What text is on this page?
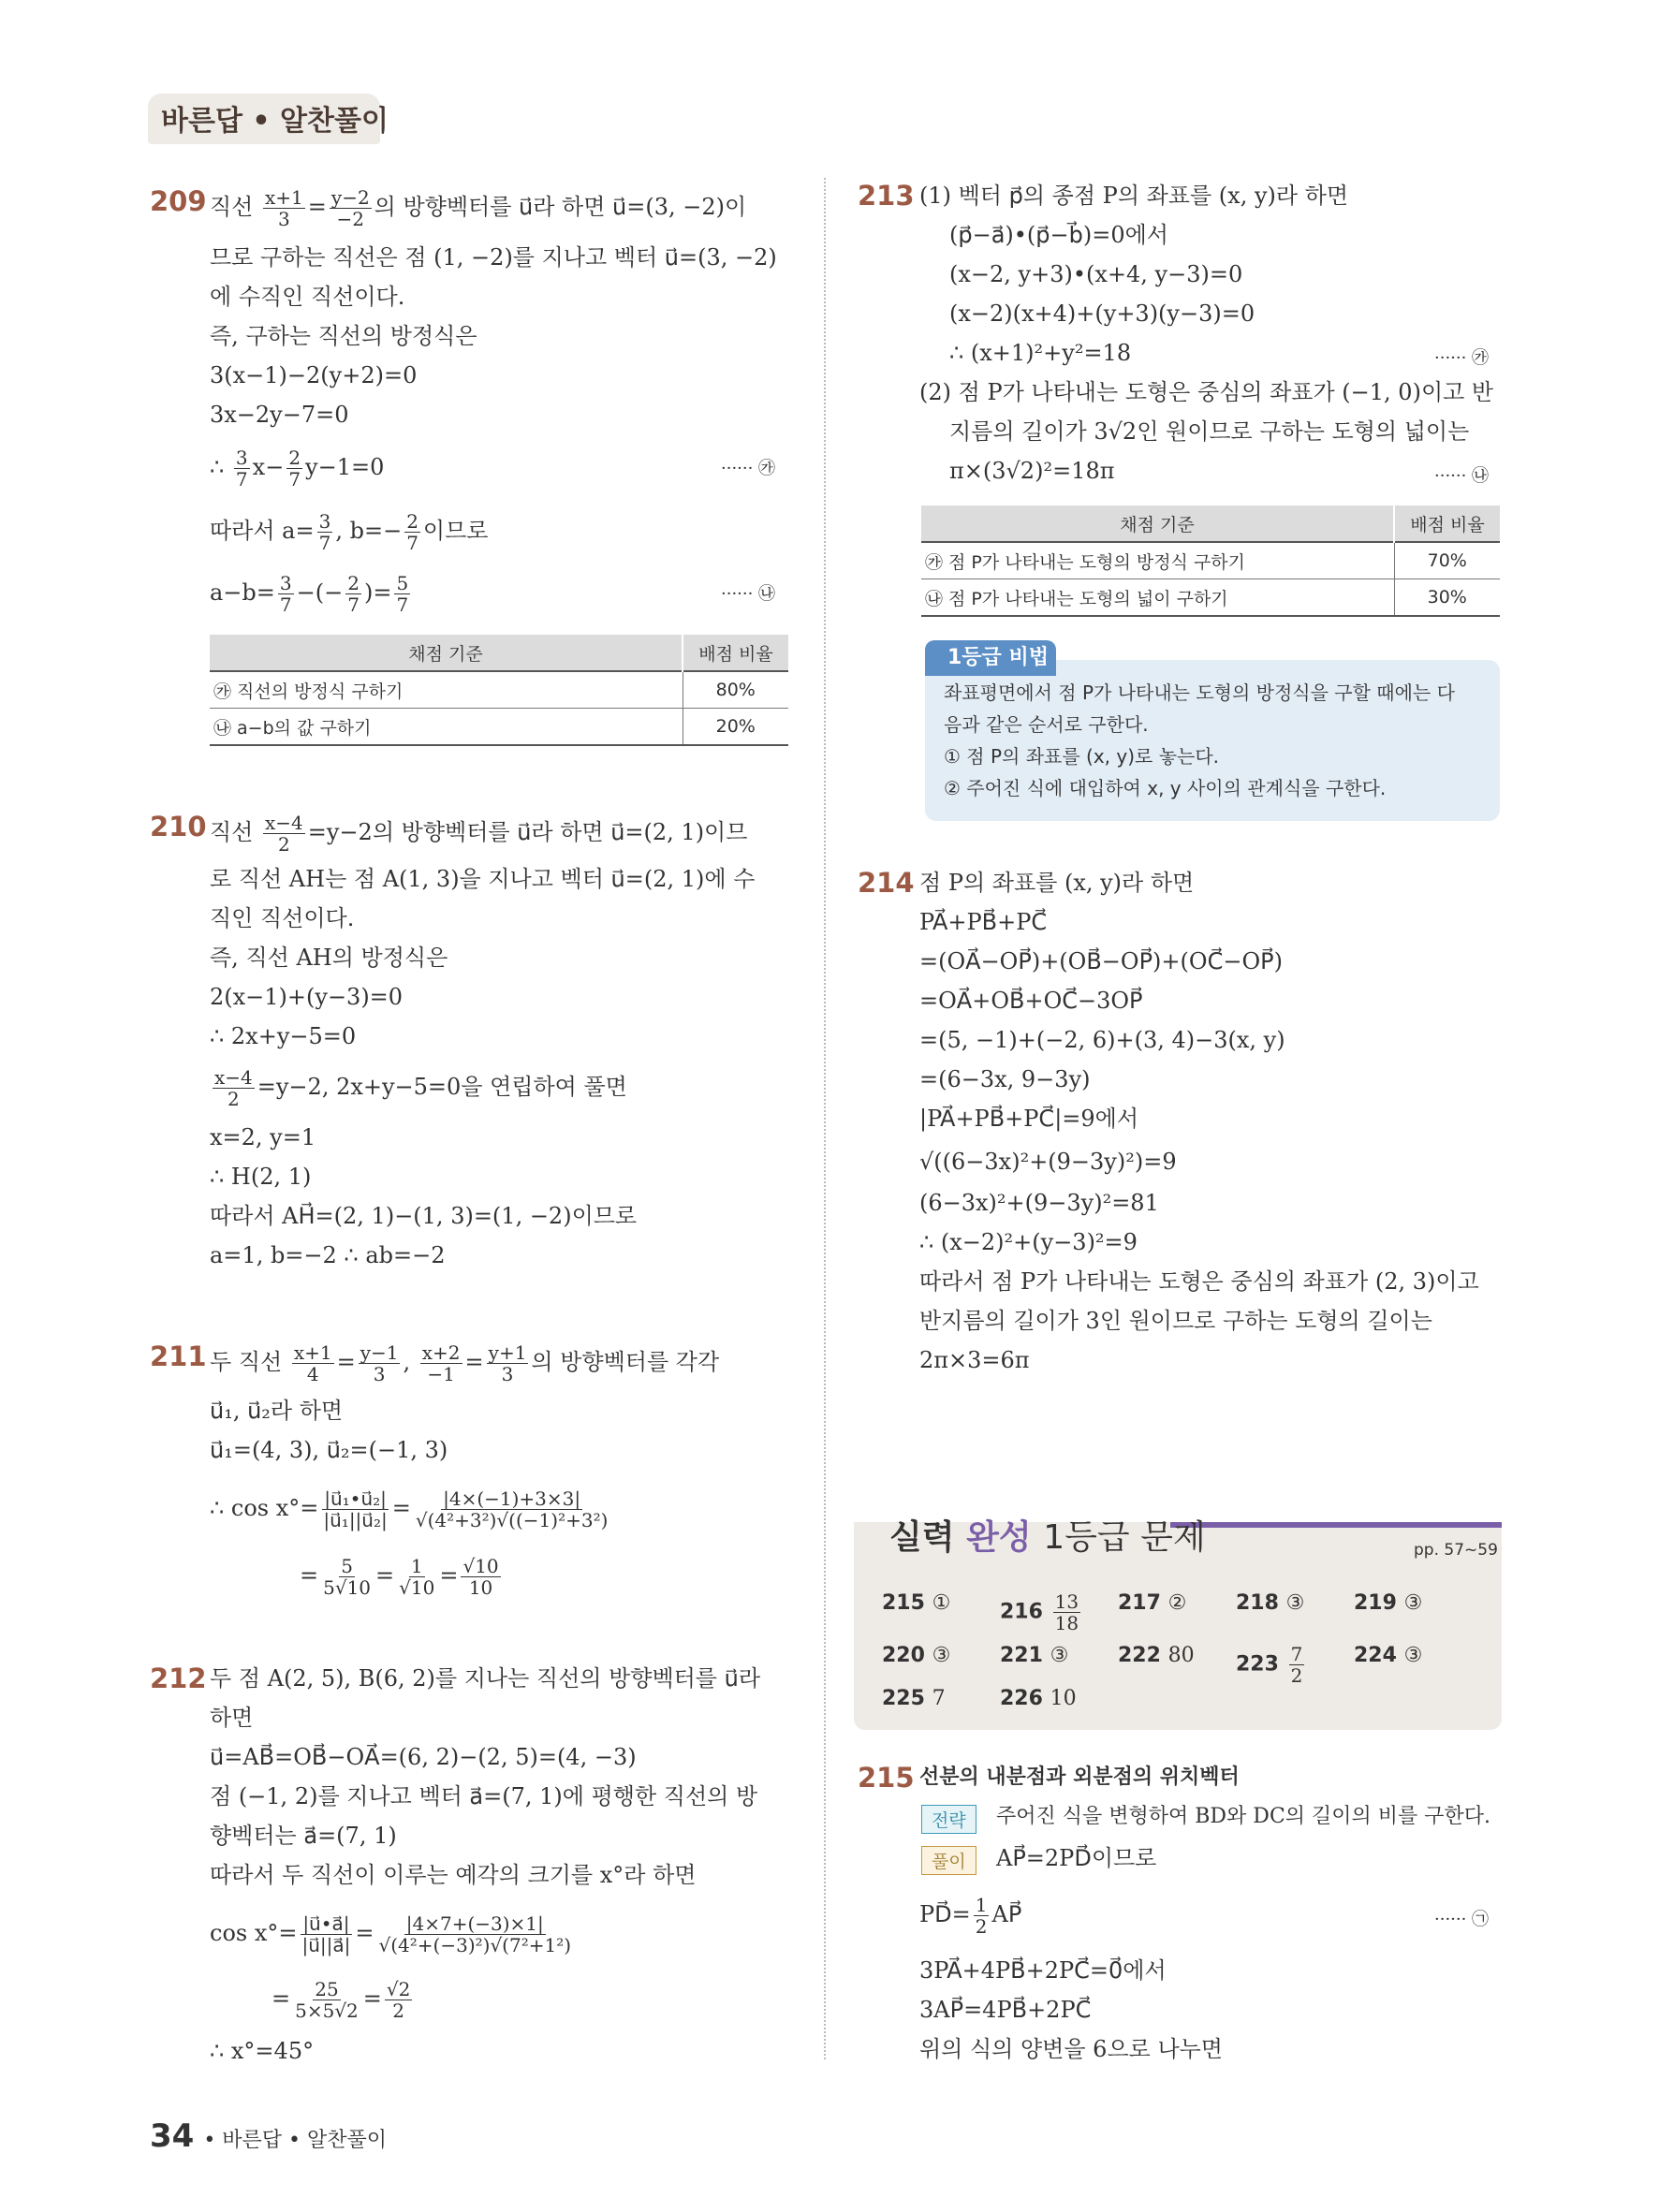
바른답 • 알찬풀이
209 직선 $\frac{x+1}{3} = \frac{y-2}{-2}$ 의 방향벡터를 u⃗라 하면 u⃗=(3, −2)이
므로 구하는 직선은 점 (1, −2)를 지나고 벡터 u⃗=(3, −2)
에 수직인 직선이다.
즉, 구하는 직선의 방정식은
3(x−1)−2(y+2)=0
3x−2y−7=0
∴ $\frac{3}{7} x- \frac{2}{7} y-1=0$	······ ㉮
따라서 $a= \frac{3}{7}$ , $b=- \frac{2}{7}$ 이므로
$a-b= \frac{3}{7}$ −(− $\frac{2}{7}$ )= $\frac{5}{7}$	······ ㉯
채점 기준	배점 비율
㉮ 직선의 방정식 구하기	80%
㉯ a−b의 값 구하기	20%
210 직선 $\frac{x-4}{2} =y-2$의 방향벡터를 u⃗라 하면 u⃗=(2, 1)이므
로 직선 AH는 점 A(1, 3)을 지나고 벡터 u⃗=(2, 1)에 수
직인 직선이다.
즉, 직선 AH의 방정식은
2(x−1)+(y−3)=0
∴ 2x+y−5=0
$\frac{x-4}{2} =y-2$, 2x+y−5=0을 연립하여 풀면
x=2, y=1
∴ H(2, 1)
따라서 AH⃗=(2, 1)−(1, 3)=(1, −2)이므로
a=1, b=−2 ∴ ab=−2
211 두 직선 $\frac{x+1}{4} = \frac{y-1}{3}$ , $\frac{x+2}{-1} = \frac{y+1}{3}$ 의 방향벡터를 각각
u⃗₁, u⃗₂라 하면
u⃗₁=(4, 3), u⃗₂=(−1, 3)
∴ $\cos x^\circ= \frac{\text{|u⃗₁•u⃗₂|}}{\text{|u⃗₁||u⃗₂|}} = \frac{|4\times(-1)+3\times 3|}{\text{√(4²+3²)√((−1)²+3²)}}$
= $\frac{5}{5√10} = \frac{1}{√10} = \frac{√10}{10}$
212 두 점 A(2, 5), B(6, 2)를 지나는 직선의 방향벡터를 u⃗라
하면
u⃗=AB⃗=OB⃗−OA⃗=(6, 2)−(2, 5)=(4, −3)
점 (−1, 2)를 지나고 벡터 a⃗=(7, 1)에 평행한 직선의 방
향벡터는 a⃗=(7, 1)
따라서 두 직선이 이루는 예각의 크기를 x°라 하면
$\cos x^\circ= \frac{|u⃗•a⃗|}{|u⃗||a⃗|} = \frac{|4\times 7+(-3)\times 1|}{\text{√(4²+(−3)²)√(7²+1²)}}$
= $\frac{25}{5\times 5√2} = \frac{√2}{2}$
∴ x°=45°
213 (1) 벡터 p⃗의 종점 P의 좌표를 (x, y)라 하면
(p⃗−a⃗)•(p⃗−b⃗)=0에서
(x−2, y+3)•(x+4, y−3)=0
(x−2)(x+4)+(y+3)(y−3)=0
∴ (x+1)²+y²=18	······ ㉮
(2) 점 P가 나타내는 도형은 중심의 좌표가 (−1, 0)이고 반
지름의 길이가 3√2인 원이므로 구하는 도형의 넓이는
π×(3√2)²=18π	······ ㉯
채점 기준	배점 비율
㉮ 점 P가 나타내는 도형의 방정식 구하기	70%
㉯ 점 P가 나타내는 도형의 넓이 구하기	30%
1등급 비법
좌표평면에서 점 P가 나타내는 도형의 방정식을 구할 때에는 다
음과 같은 순서로 구한다.
① 점 P의 좌표를 (x, y)로 놓는다.
② 주어진 식에 대입하여 x, y 사이의 관계식을 구한다.
214 점 P의 좌표를 (x, y)라 하면
PA⃗+PB⃗+PC⃗
=(OA⃗−OP⃗)+(OB⃗−OP⃗)+(OC⃗−OP⃗)
=OA⃗+OB⃗+OC⃗−3OP⃗
=(5, −1)+(−2, 6)+(3, 4)−3(x, y)
=(6−3x, 9−3y)
|PA⃗+PB⃗+PC⃗|=9에서
√((6−3x)²+(9−3y)²)=9
(6−3x)²+(9−3y)²=81
∴ (x−2)²+(y−3)²=9
따라서 점 P가 나타내는 도형은 중심의 좌표가 (2, 3)이고
반지름의 길이가 3인 원이므로 구하는 도형의 길이는
2π×3=6π
실력 완성 1등급 문제	pp. 57~59
215 ① $216 \frac{13}{18} 217$ ② 218 ③ 219 ③
220 ③ 221 ③ 222 80 $223 \frac{7}{2} 224$ ③
225 7	226 10
215 선분의 내분점과 외분점의 위치벡터
전략	주어진 식을 변형하여 BD와 DC의 길이의 비를 구한다.
풀이	AP⃗=2PD⃗이므로
PD⃗= $\frac{1}{2}$ AP⃗	······ ㉠
3PA⃗+4PB⃗+2PC⃗=0⃗에서
3AP⃗=4PB⃗+2PC⃗
위의 식의 양변을 6으로 나누면
34 • 바른답 • 알찬풀이
